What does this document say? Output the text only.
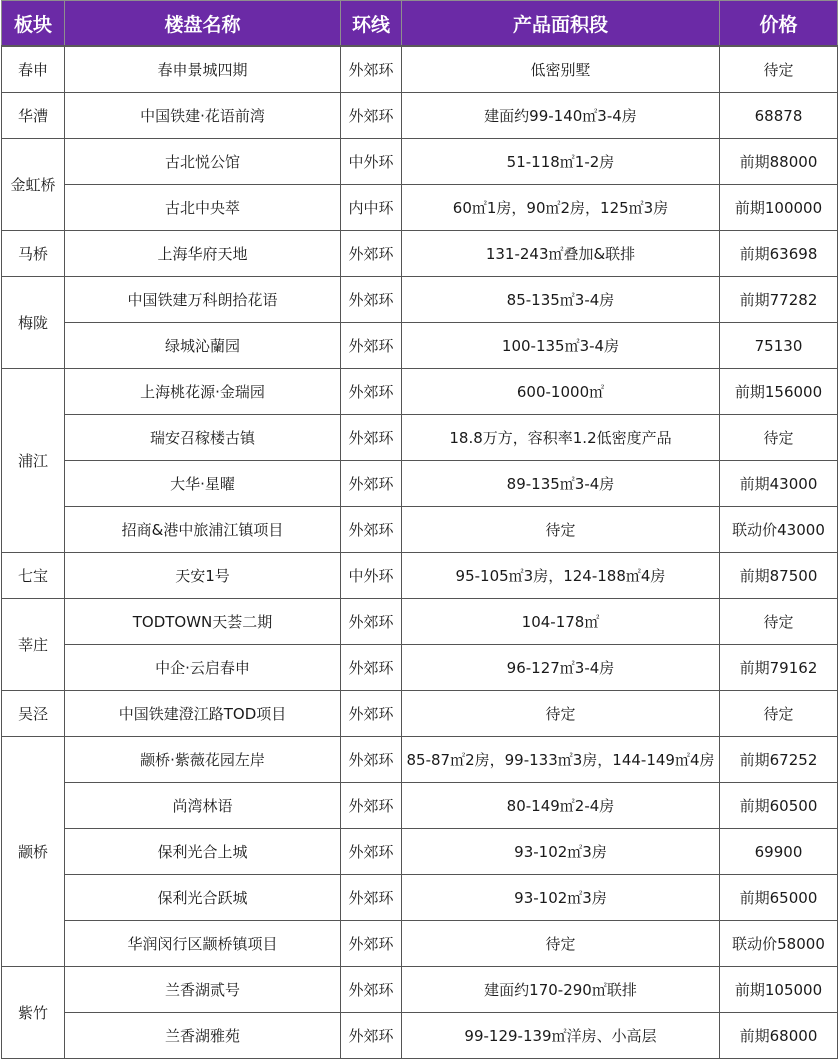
板块	楼盘名称	环线	产品面积段	价格
春申	春申景城四期	外郊环	低密别墅	待定
华漕	中国铁建·花语前湾	外郊环	建面约99-140㎡3-4房	68878
金虹桥	古北悦公馆	中外环	51-118㎡1-2房	前期88000
	古北中央萃	内中环	60㎡1房，90㎡2房，125㎡3房	前期100000
马桥	上海华府天地	外郊环	131-243㎡叠加&联排	前期63698
梅陇	中国铁建万科朗拾花语	外郊环	85-135㎡3-4房	前期77282
	绿城沁蘭园	外郊环	100-135㎡3-4房	75130
浦江	上海桃花源·金瑞园	外郊环	600-1000㎡	前期156000
	瑞安召稼楼古镇	外郊环	18.8万方，容积率1.2低密度产品	待定
	大华·星曜	外郊环	89-135㎡3-4房	前期43000
	招商&港中旅浦江镇项目	外郊环	待定	联动价43000
七宝	天安1号	中外环	95-105㎡3房，124-188㎡4房	前期87500
莘庄	TODTOWN天荟二期	外郊环	104-178㎡	待定
	中企·云启春申	外郊环	96-127㎡3-4房	前期79162
吴泾	中国铁建澄江路TOD项目	外郊环	待定	待定
颛桥	颛桥·紫薇花园左岸	外郊环	85-87㎡2房，99-133㎡3房，144-149㎡4房	前期67252
	尚湾林语	外郊环	80-149㎡2-4房	前期60500
	保利光合上城	外郊环	93-102㎡3房	69900
	保利光合跃城	外郊环	93-102㎡3房	前期65000
	华润闵行区颛桥镇项目	外郊环	待定	联动价58000
紫竹	兰香湖贰号	外郊环	建面约170-290㎡联排	前期105000
	兰香湖雅苑	外郊环	99-129-139㎡洋房、小高层	前期68000
